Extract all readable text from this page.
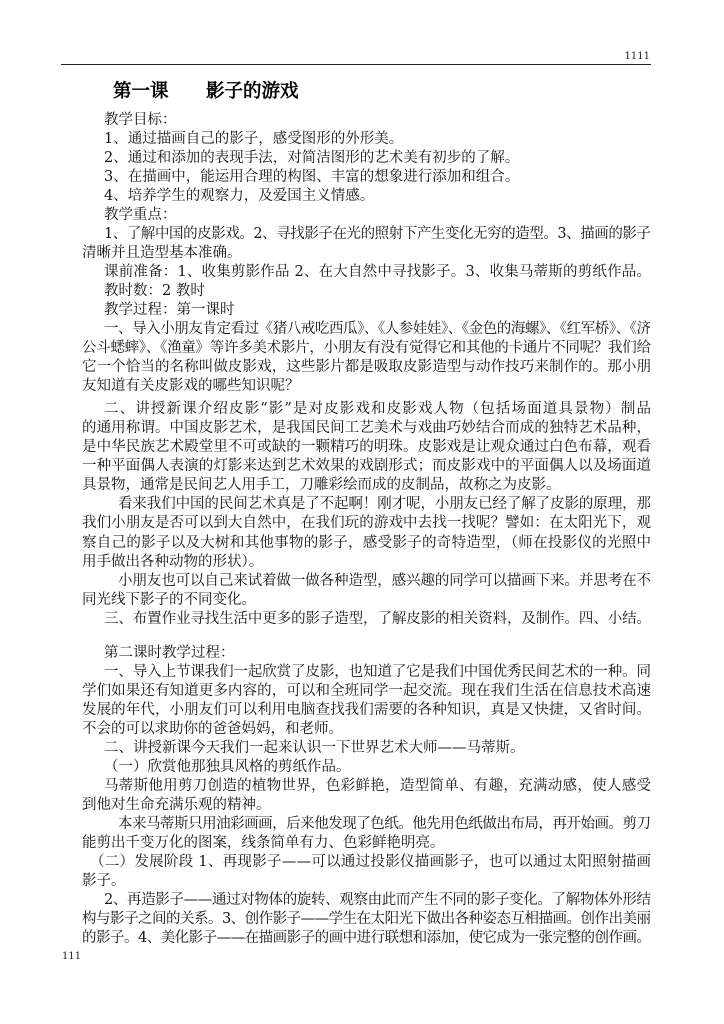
1111
第一课 影子的游戏
教学目标：
1、通过描画自己的影子，感受图形的外形美。
2、通过和添加的表现手法，对简洁图形的艺术美有初步的了解。
3、在描画中，能运用合理的构图、丰富的想象进行添加和组合。
4、培养学生的观察力，及爱国主义情感。
教学重点：
1、了解中国的皮影戏。2、寻找影子在光的照射下产生变化无穷的造型。3、描画的影子
清晰并且造型基本准确。
课前准备：1、收集剪影作品 2、在大自然中寻找影子。3、收集马蒂斯的剪纸作品。
教时数：2 教时
教学过程：第一课时
一、导入小朋友肯定看过《猪八戒吃西瓜》、《人参娃娃》、《金色的海螺》、《红军桥》、《济
公斗蟋蟀》、《渔童》等许多美术影片，小朋友有没有觉得它和其他的卡通片不同呢？我们给
它一个恰当的名称叫做皮影戏，这些影片都是吸取皮影造型与动作技巧来制作的。那小朋
友知道有关皮影戏的哪些知识呢？
二、讲授新课介绍皮影“影”是对皮影戏和皮影戏人物（包括场面道具景物）制品
的通用称谓。中国皮影艺术，是我国民间工艺美术与戏曲巧妙结合而成的独特艺术品种，
是中华民族艺术殿堂里不可或缺的一颗精巧的明珠。皮影戏是让观众通过白色布幕，观看
一种平面偶人表演的灯影来达到艺术效果的戏剧形式；而皮影戏中的平面偶人以及场面道
具景物，通常是民间艺人用手工，刀雕彩绘而成的皮制品，故称之为皮影。
看来我们中国的民间艺术真是了不起啊！刚才呢，小朋友已经了解了皮影的原理，那
我们小朋友是否可以到大自然中，在我们玩的游戏中去找一找呢？譬如：在太阳光下，观
察自己的影子以及大树和其他事物的影子，感受影子的奇特造型，（师在投影仪的光照中
用手做出各种动物的形状）。
小朋友也可以自己来试着做一做各种造型，感兴趣的同学可以描画下来。并思考在不
同光线下影子的不同变化。
三、布置作业寻找生活中更多的影子造型，了解皮影的相关资料，及制作。四、小结。
第二课时教学过程：
一、导入上节课我们一起欣赏了皮影，也知道了它是我们中国优秀民间艺术的一种。同
学们如果还有知道更多内容的，可以和全班同学一起交流。现在我们生活在信息技术高速
发展的年代，小朋友们可以利用电脑查找我们需要的各种知识，真是又快捷，又省时间。
不会的可以求助你的爸爸妈妈，和老师。
二、讲授新课今天我们一起来认识一下世界艺术大师——马蒂斯。
（一）欣赏他那独具风格的剪纸作品。
马蒂斯他用剪刀创造的植物世界，色彩鲜艳，造型简单、有趣，充满动感，使人感受
到他对生命充满乐观的精神。
本来马蒂斯只用油彩画画，后来他发现了色纸。他先用色纸做出布局，再开始画。剪刀
能剪出千变万化的图案，线条简单有力、色彩鲜艳明亮。
（二）发展阶段 1、再现影子——可以通过投影仪描画影子，也可以通过太阳照射描画
影子。
2、再造影子——通过对物体的旋转、观察由此而产生不同的影子变化。了解物体外形结
构与影子之间的关系。3、创作影子——学生在太阳光下做出各种姿态互相描画。创作出美丽
的影子。4、美化影子——在描画影子的画中进行联想和添加，使它成为一张完整的创作画。
111
